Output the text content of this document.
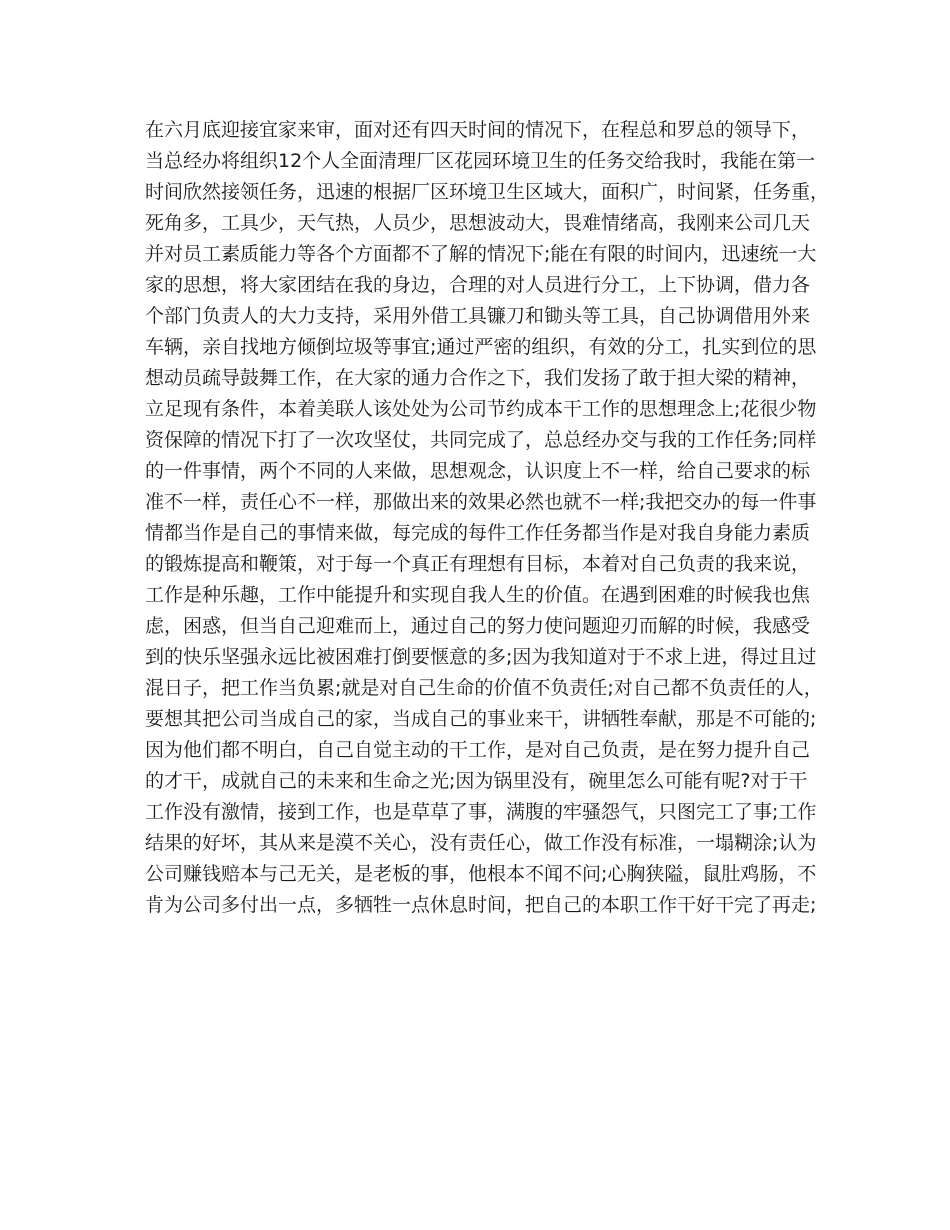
在六月底迎接宜家来审，面对还有四天时间的情况下，在程总和罗总的领导下，
当总经办将组织12个人全面清理厂区花园环境卫生的任务交给我时，我能在第一
时间欣然接领任务，迅速的根据厂区环境卫生区域大，面积广，时间紧，任务重，
死角多，工具少，天气热，人员少，思想波动大，畏难情绪高，我刚来公司几天
并对员工素质能力等各个方面都不了解的情况下;能在有限的时间内，迅速统一大
家的思想，将大家团结在我的身边，合理的对人员进行分工，上下协调，借力各
个部门负责人的大力支持，采用外借工具镰刀和锄头等工具，自己协调借用外来
车辆，亲自找地方倾倒垃圾等事宜;通过严密的组织，有效的分工，扎实到位的思
想动员疏导鼓舞工作，在大家的通力合作之下，我们发扬了敢于担大梁的精神，
立足现有条件，本着美联人该处处为公司节约成本干工作的思想理念上;花很少物
资保障的情况下打了一次攻坚仗，共同完成了，总总经办交与我的工作任务;同样
的一件事情，两个不同的人来做，思想观念，认识度上不一样，给自己要求的标
准不一样，责任心不一样，那做出来的效果必然也就不一样;我把交办的每一件事
情都当作是自己的事情来做，每完成的每件工作任务都当作是对我自身能力素质
的锻炼提高和鞭策，对于每一个真正有理想有目标，本着对自己负责的我来说，
工作是种乐趣，工作中能提升和实现自我人生的价值。在遇到困难的时候我也焦
虑，困惑，但当自己迎难而上，通过自己的努力使问题迎刃而解的时候，我感受
到的快乐坚强永远比被困难打倒要惬意的多;因为我知道对于不求上进，得过且过
混日子，把工作当负累;就是对自己生命的价值不负责任;对自己都不负责任的人，
要想其把公司当成自己的家，当成自己的事业来干，讲牺牲奉献，那是不可能的;
因为他们都不明白，自己自觉主动的干工作，是对自己负责，是在努力提升自己
的才干，成就自己的未来和生命之光;因为锅里没有，碗里怎么可能有呢?对于干
工作没有激情，接到工作，也是草草了事，满腹的牢骚怨气，只图完工了事;工作
结果的好坏，其从来是漠不关心，没有责任心，做工作没有标准，一塌糊涂;认为
公司赚钱赔本与己无关，是老板的事，他根本不闻不问;心胸狭隘，鼠肚鸡肠，不
肯为公司多付出一点，多牺牲一点休息时间，把自己的本职工作干好干完了再走;
